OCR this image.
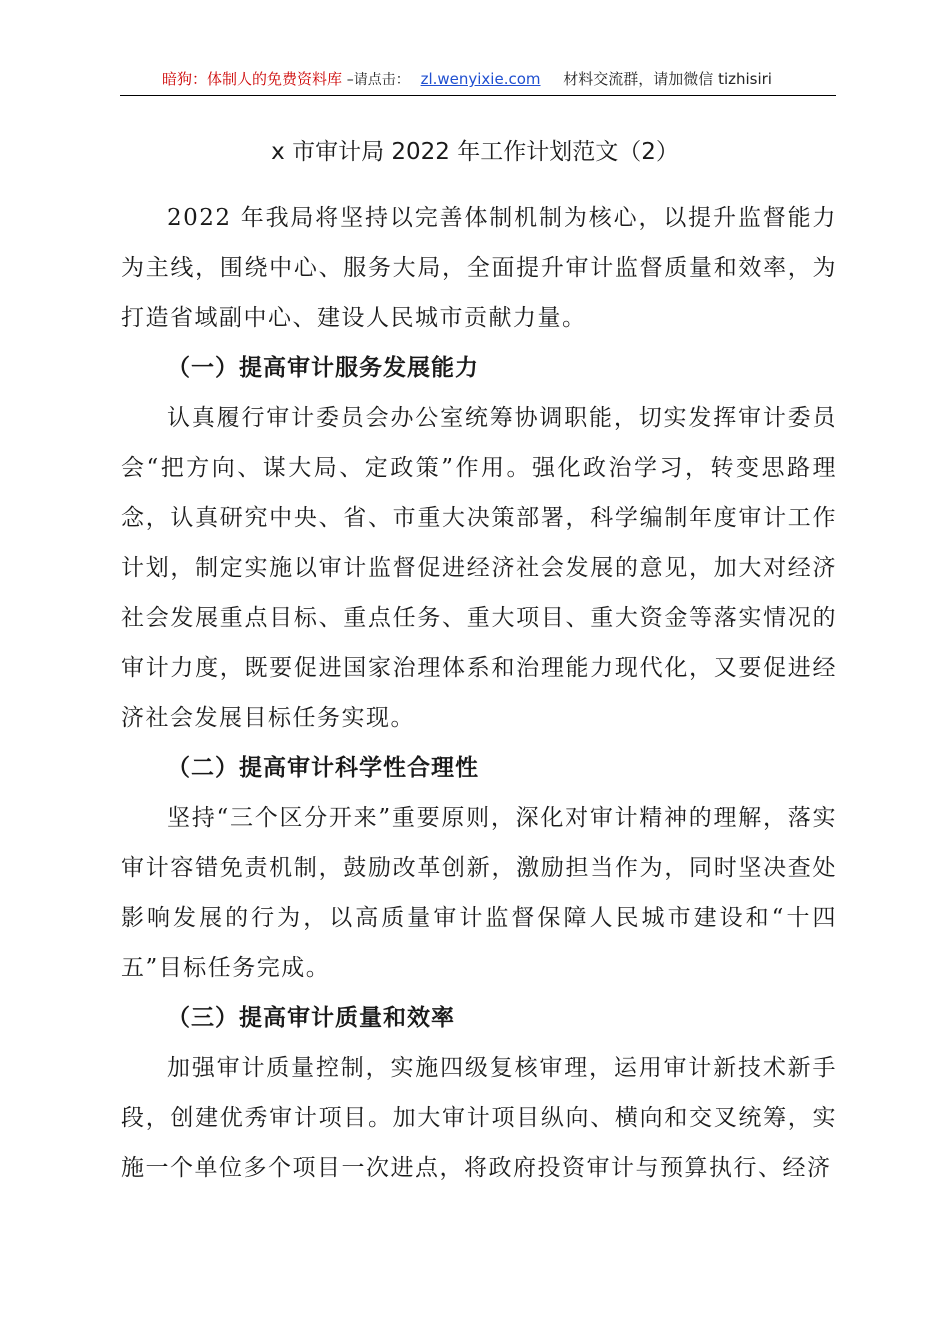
暗狗：体制人的免费资料库 –请点击： zl.wenyixie.com 材料交流群，请加微信 tizhisiri
x 市审计局 2022 年工作计划范文（2）

2022 年我局将坚持以完善体制机制为核心，以提升监督能力为主线，围绕中心、服务大局，全面提升审计监督质量和效率，为打造省域副中心、建设人民城市贡献力量。

（一）提高审计服务发展能力

认真履行审计委员会办公室统筹协调职能，切实发挥审计委员会“把方向、谋大局、定政策”作用。强化政治学习，转变思路理念，认真研究中央、省、市重大决策部署，科学编制年度审计工作计划，制定实施以审计监督促进经济社会发展的意见，加大对经济社会发展重点目标、重点任务、重大项目、重大资金等落实情况的审计力度，既要促进国家治理体系和治理能力现代化，又要促进经济社会发展目标任务实现。

（二）提高审计科学性合理性

坚持“三个区分开来”重要原则，深化对审计精神的理解，落实审计容错免责机制，鼓励改革创新，激励担当作为，同时坚决查处影响发展的行为，以高质量审计监督保障人民城市建设和“十四五”目标任务完成。

（三）提高审计质量和效率

加强审计质量控制，实施四级复核审理，运用审计新技术新手段，创建优秀审计项目。加大审计项目纵向、横向和交叉统筹，实施一个单位多个项目一次进点，将政府投资审计与预算执行、经济
